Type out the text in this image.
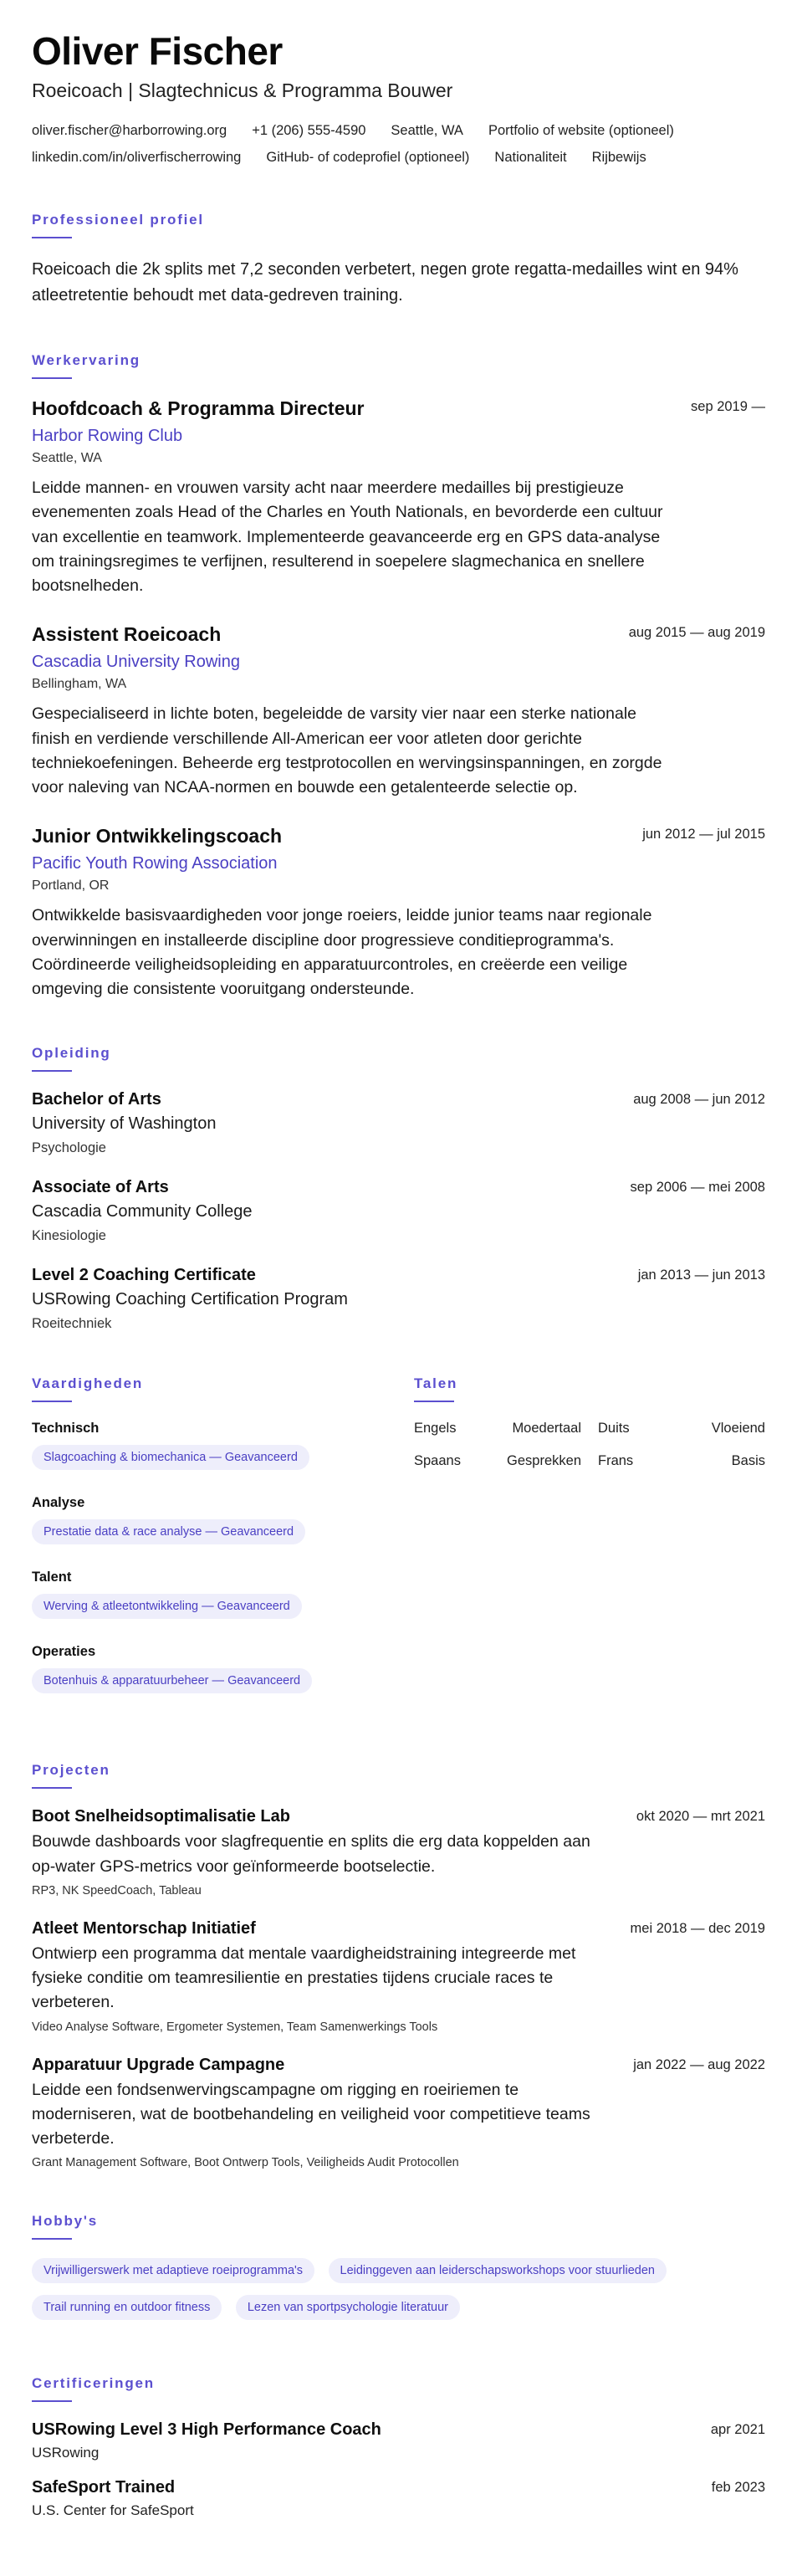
Oliver Fischer
Roeicoach | Slagtechnicus & Programma Bouwer
oliver.fischer@harborrowing.org +1 (206) 555-4590 Seattle, WA Portfolio of website (optioneel)
linkedin.com/in/oliverfischerrowing GitHub- of codeprofiel (optioneel) Nationaliteit Rijbewijs
Professioneel profiel

Roeicoach die 2k splits met 7,2 seconden verbetert, negen grote regatta-medailles wint en 94% atleetretentie behoudt met data-gedreven training.

Werkervaring
Hoofdcoach & Programma Directeur	sep 2019 —
Harbor Rowing Club
Seattle, WA

Leidde mannen- en vrouwen varsity acht naar meerdere medailles bij prestigieuze evenementen zoals Head of the Charles en Youth Nationals, en bevorderde een cultuur van excellentie en teamwork. Implementeerde geavanceerde erg en GPS data-analyse om trainingsregimes te verfijnen, resulterend in soepelere slagmechanica en snellere bootsnelheden.

Assistent Roeicoach	aug 2015 — aug 2019
Cascadia University Rowing
Bellingham, WA

Gespecialiseerd in lichte boten, begeleidde de varsity vier naar een sterke nationale finish en verdiende verschillende All-American eer voor atleten door gerichte techniekoefeningen. Beheerde erg testprotocollen en wervingsinspanningen, en zorgde voor naleving van NCAA-normen en bouwde een getalenteerde selectie op.

Junior Ontwikkelingscoach	jun 2012 — jul 2015
Pacific Youth Rowing Association
Portland, OR

Ontwikkelde basisvaardigheden voor jonge roeiers, leidde junior teams naar regionale overwinningen en installeerde discipline door progressieve conditieprogramma's. Coördineerde veiligheidsopleiding en apparatuurcontroles, en creëerde een veilige omgeving die consistente vooruitgang ondersteunde.

Opleiding
Bachelor of Arts	aug 2008 — jun 2012
University of Washington
Psychologie
Associate of Arts	sep 2006 — mei 2008
Cascadia Community College
Kinesiologie
Level 2 Coaching Certificate	jan 2013 — jun 2013
USRowing Coaching Certification Program
Roeitechniek
Vaardigheden
Technisch
Slagcoaching & biomechanica — Geavanceerd
Analyse
Prestatie data & race analyse — Geavanceerd
Talent
Werving & atleetontwikkeling — Geavanceerd
Operaties
Botenhuis & apparatuurbeheer — Geavanceerd
Talen
Engels	Moedertaal Duits	Vloeiend
Spaans	Gesprekken Frans	Basis
Projecten
Boot Snelheidsoptimalisatie Lab	okt 2020 — mrt 2021

Bouwde dashboards voor slagfrequentie en splits die erg data koppelden aan op-water GPS-metrics voor geïnformeerde bootselectie.

RP3, NK SpeedCoach, Tableau
Atleet Mentorschap Initiatief	mei 2018 — dec 2019

Ontwierp een programma dat mentale vaardigheidstraining integreerde met fysieke conditie om teamresilientie en prestaties tijdens cruciale races te verbeteren.

Video Analyse Software, Ergometer Systemen, Team Samenwerkings Tools
Apparatuur Upgrade Campagne	jan 2022 — aug 2022

Leidde een fondsenwervingscampagne om rigging en roeiriemen te moderniseren, wat de bootbehandeling en veiligheid voor competitieve teams verbeterde.

Grant Management Software, Boot Ontwerp Tools, Veiligheids Audit Protocollen
Hobby's
Vrijwilligerswerk met adaptieve roeiprogramma's	Leidinggeven aan leiderschapsworkshops voor stuurlieden Trail running en outdoor fitness	Lezen van sportpsychologie literatuur
Certificeringen
USRowing Level 3 High Performance Coach	apr 2021
USRowing
SafeSport Trained	feb 2023
U.S. Center for SafeSport
